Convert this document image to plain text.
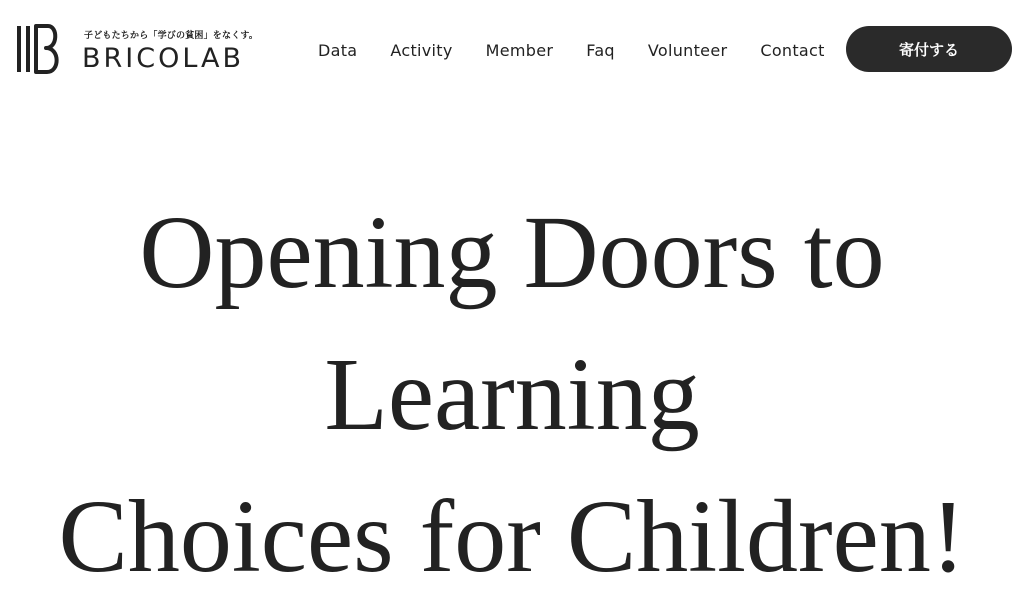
子どもたちから「学びの貧困」をなくす。
BRICOLAB	Data Activity Member Faq Volunteer Contact	寄付する
Opening Doors to
Learning
Choices for Children!
